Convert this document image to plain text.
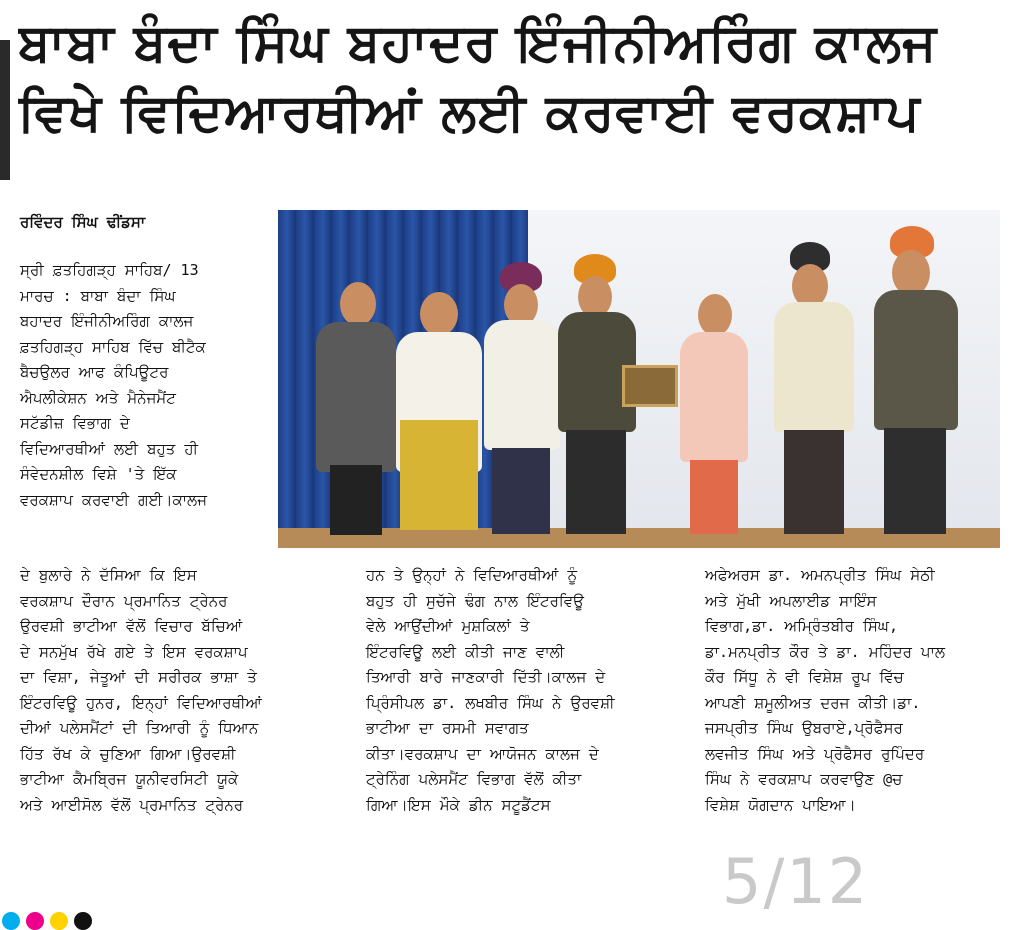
ਬਾਬਾ ਬੰਦਾ ਸਿੰਘ ਬਹਾਦਰ ਇੰਜੀਨੀਅਰਿੰਗ ਕਾਲਜ
ਵਿਖੇ ਵਿਦਿਆਰਥੀਆਂ ਲਈ ਕਰਵਾਈ ਵਰਕਸ਼ਾਪ
ਰਵਿੰਦਰ ਸਿੰਘ ਢੀਂਡਸਾ
ਸ੍ਰੀ ਫ਼ਤਹਿਗੜ੍ਹ ਸਾਹਿਬ/ 13
ਮਾਰਚ : ਬਾਬਾ ਬੰਦਾ ਸਿੰਘ
ਬਹਾਦਰ ਇੰਜੀਨੀਅਰਿੰਗ ਕਾਲਜ
ਫ਼ਤਹਿਗੜ੍ਹ ਸਾਹਿਬ ਵਿੱਚ ਬੀਟੈਕ
ਬੈਚਉਲਰ ਆਫ ਕੰਪਿਊਟਰ
ਐਪਲੀਕੇਸ਼ਨ ਅਤੇ ਮੈਨੇਜਮੈਂਟ
ਸਟੱਡੀਜ਼ ਵਿਭਾਗ ਦੇ
ਵਿਦਿਆਰਥੀਆਂ ਲਈ ਬਹੁਤ ਹੀ
ਸੰਵੇਦਨਸ਼ੀਲ ਵਿਸ਼ੇ 'ਤੇ ਇੱਕ
ਵਰਕਸ਼ਾਪ ਕਰਵਾਈ ਗਈ।ਕਾਲਜ
ਦੇ ਬੁਲਾਰੇ ਨੇ ਦੱਸਿਆ ਕਿ ਇਸ
ਵਰਕਸ਼ਾਪ ਦੌਰਾਨ ਪ੍ਰਮਾਨਿਤ ਟ੍ਰੇਨਰ
ਉਰਵਸ਼ੀ ਭਾਟੀਆ ਵੱਲੋਂ ਵਿਚਾਰ ਬੱਚਿਆਂ
ਦੇ ਸਨਮੁੱਖ ਰੱਖੇ ਗਏ ਤੇ ਇਸ ਵਰਕਸ਼ਾਪ
ਦਾ ਵਿਸ਼ਾ, ਜੇਤੂਆਂ ਦੀ ਸਰੀਰਕ ਭਾਸ਼ਾ ਤੇ
ਇੰਟਰਵਿਊ ਹੁਨਰ, ਇਨ੍ਹਾਂ ਵਿਦਿਆਰਥੀਆਂ
ਦੀਆਂ ਪਲੇਸਮੈਂਟਾਂ ਦੀ ਤਿਆਰੀ ਨੂੰ ਧਿਆਨ
ਹਿੱਤ ਰੱਖ ਕੇ ਚੁਣਿਆ ਗਿਆ।ਉਰਵਸ਼ੀ
ਭਾਟੀਆ ਕੈਮਬ੍ਰਿਜ ਯੂਨੀਵਰਸਿਟੀ ਯੂਕੇ
ਅਤੇ ਆਈਸੋਲ ਵੱਲੋਂ ਪ੍ਰਮਾਨਿਤ ਟ੍ਰੇਨਰ
ਹਨ ਤੇ ਉਨ੍ਹਾਂ ਨੇ ਵਿਦਿਆਰਥੀਆਂ ਨੂੰ
ਬਹੁਤ ਹੀ ਸੁਚੱਜੇ ਢੰਗ ਨਾਲ ਇੰਟਰਵਿਊ
ਵੇਲੇ ਆਉਂਦੀਆਂ ਮੁਸ਼ਕਿਲਾਂ ਤੇ
ਇੰਟਰਵਿਊ ਲਈ ਕੀਤੀ ਜਾਣ ਵਾਲੀ
ਤਿਆਰੀ ਬਾਰੇ ਜਾਣਕਾਰੀ ਦਿੱਤੀ।ਕਾਲਜ ਦੇ
ਪ੍ਰਿੰਸੀਪਲ ਡਾ. ਲਖਬੀਰ ਸਿੰਘ ਨੇ ਉਰਵਸ਼ੀ
ਭਾਟੀਆ ਦਾ ਰਸਮੀ ਸਵਾਗਤ
ਕੀਤਾ।ਵਰਕਸ਼ਾਪ ਦਾ ਆਯੋਜਨ ਕਾਲਜ ਦੇ
ਟ੍ਰੇਨਿੰਗ ਪਲੇਸਮੈਂਟ ਵਿਭਾਗ ਵੱਲੋਂ ਕੀਤਾ
ਗਿਆ।ਇਸ ਮੌਕੇ ਡੀਨ ਸਟੂਡੈਂਟਸ
ਅਫੇਅਰਸ ਡਾ. ਅਮਨਪ੍ਰੀਤ ਸਿੰਘ ਸੇਠੀ
ਅਤੇ ਮੁੱਖੀ ਅਪਲਾਈਡ ਸਾਇੰਸ
ਵਿਭਾਗ,ਡਾ. ਅਮ੍ਰਿੰਤਬੀਰ ਸਿੰਘ,
ਡਾ.ਮਨਪ੍ਰੀਤ ਕੌਰ ਤੇ ਡਾ. ਮਹਿੰਦਰ ਪਾਲ
ਕੌਰ ਸਿੱਧੂ ਨੇ ਵੀ ਵਿਸ਼ੇਸ਼ ਰੂਪ ਵਿੱਚ
ਆਪਣੀ ਸ਼ਮੂਲੀਅਤ ਦਰਜ ਕੀਤੀ।ਡਾ.
ਜਸਪ੍ਰੀਤ ਸਿੰਘ ਉਬਰਾਏ,ਪ੍ਰੋਫੈਸਰ
ਲਵਜੀਤ ਸਿੰਘ ਅਤੇ ਪ੍ਰੋਫੈਸਰ ਰੁਪਿੰਦਰ
ਸਿੰਘ ਨੇ ਵਰਕਸ਼ਾਪ ਕਰਵਾਉਣ @ਚ
ਵਿਸ਼ੇਸ਼ ਯੋਗਦਾਨ ਪਾਇਆ।
5/12
